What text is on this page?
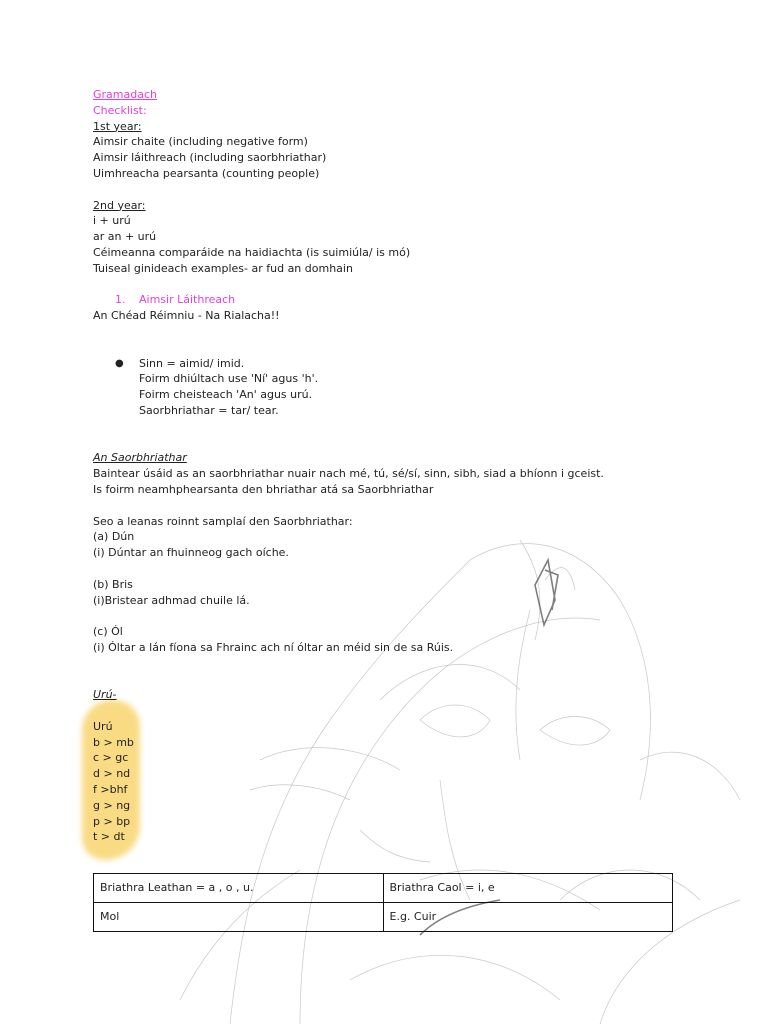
Gramadach
Checklist:
1st year:
Aimsir chaite (including negative form)
Aimsir láithreach (including saorbhriathar)
Uimhreacha pearsanta (counting people)
2nd year:
i + urú
ar an + urú
Céimeanna comparáide na haidiachta (is suimiúla/ is mó)
Tuiseal ginideach examples- ar fud an domhain
1. Aimsir Láithreach
An Chéad Réimniu - Na Rialacha!!
● Sinn = aimid/ imid.
Foirm dhiúltach use 'Ní' agus 'h'.
Foirm cheisteach 'An' agus urú.
Saorbhriathar = tar/ tear.
An Saorbhriathar
Baintear úsáid as an saorbhriathar nuair nach mé, tú, sé/sí, sinn, sibh, siad a bhíonn i gceist.
Is foirm neamhphearsanta den bhriathar atá sa Saorbhriathar
Seo a leanas roinnt samplaí den Saorbhriathar:
(a) Dún
(i) Dúntar an fhuinneog gach oíche.
(b) Bris
(i)Bristear adhmad chuile lá.
(c) Ól
(i) Óltar a lán fíona sa Fhrainc ach ní óltar an méid sin de sa Rúis.
Urú-
Urú
b > mb
c > gc
d > nd
f >bhf
g > ng
p > bp
t > dt
Briathra Leathan = a , o , u.	Briathra Caol = i, e
Mol	E.g. Cuir
